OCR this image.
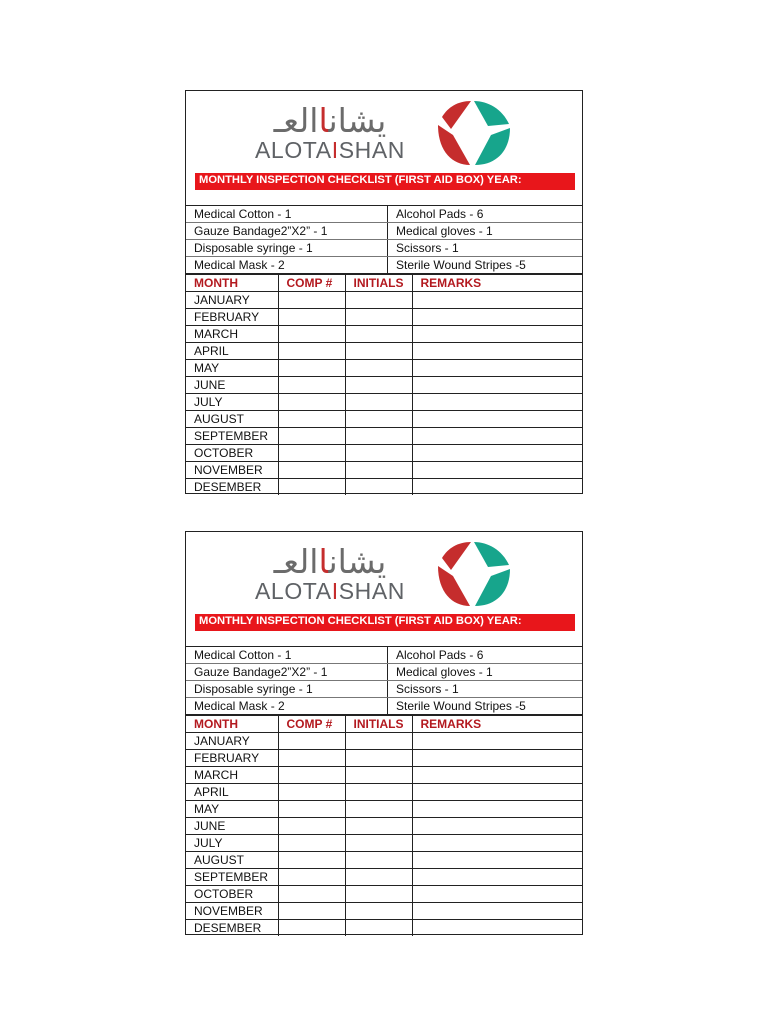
يشاناالعـ
ALOTAISHAN
MONTHLY INSPECTION CHECKLIST (FIRST AID BOX) YEAR:
Medical Cotton - 1	Alcohol Pads - 6
Gauze Bandage2”X2” - 1	Medical gloves - 1
Disposable syringe - 1	Scissors - 1
Medical Mask - 2	Sterile Wound Stripes -5
MONTH	COMP #	INITIALS	REMARKS
JANUARY			
FEBRUARY			
MARCH			
APRIL			
MAY			
JUNE			
JULY			
AUGUST			
SEPTEMBER			
OCTOBER			
NOVEMBER			
DESEMBER			
يشاناالعـ
ALOTAISHAN
MONTHLY INSPECTION CHECKLIST (FIRST AID BOX) YEAR:
Medical Cotton - 1	Alcohol Pads - 6
Gauze Bandage2”X2” - 1	Medical gloves - 1
Disposable syringe - 1	Scissors - 1
Medical Mask - 2	Sterile Wound Stripes -5
MONTH	COMP #	INITIALS	REMARKS
JANUARY			
FEBRUARY			
MARCH			
APRIL			
MAY			
JUNE			
JULY			
AUGUST			
SEPTEMBER			
OCTOBER			
NOVEMBER			
DESEMBER			
